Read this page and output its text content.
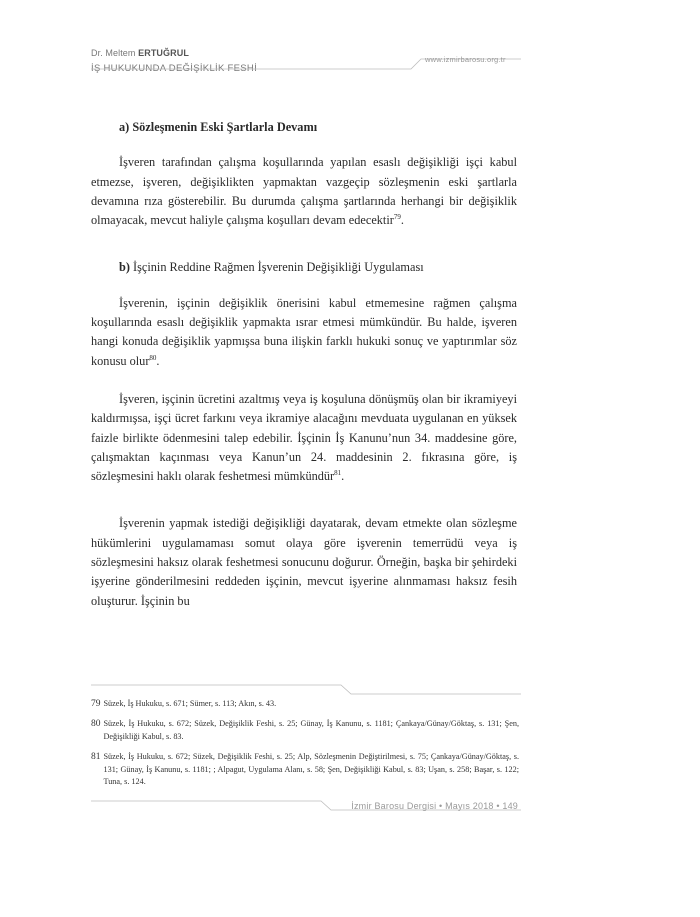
Dr. Meltem ERTUĞRUL
İŞ HUKUKUNDA DEĞİŞİKLİK FESHİ
www.izmirbarosu.org.tr

a) Sözleşmenin Eski Şartlarla Devamı

İşveren tarafından çalışma koşullarında yapılan esaslı değişikliği işçi kabul etmezse, işveren, değişiklikten yapmaktan vazgeçip sözleşmenin eski şartlarla devamına rıza gösterebilir. Bu durumda çalışma şartlarında herhangi bir değişiklik olmayacak, mevcut haliyle çalışma koşulları devam edecektir$^{79}$.

b) İşçinin Reddine Rağmen İşverenin Değişikliği Uygulaması

İşverenin, işçinin değişiklik önerisini kabul etmemesine rağmen çalışma koşullarında esaslı değişiklik yapmakta ısrar etmesi mümkündür. Bu halde, işveren hangi konuda değişiklik yapmışsa buna ilişkin farklı hukuki sonuç ve yaptırımlar söz konusu olur$^{80}$.

İşveren, işçinin ücretini azaltmış veya iş koşuluna dönüşmüş olan bir ikramiyeyi kaldırmışsa, işçi ücret farkını veya ikramiye alacağını mevduata uygulanan en yüksek faizle birlikte ödenmesini talep edebilir. İşçinin İş Kanunu’nun 34. maddesine göre, çalışmaktan kaçınması veya Kanun’un 24. maddesinin 2. fıkrasına göre, iş sözleşmesini haklı olarak feshetmesi mümkündür$^{81}$.

İşverenin yapmak istediği değişikliği dayatarak, devam etmekte olan sözleşme hükümlerini uygulamaması somut olaya göre işverenin temerrüdü veya iş sözleşmesini haksız olarak feshetmesi sonucunu doğurur. Örneğin, başka bir şehirdeki işyerine gönderilmesini reddeden işçinin, mevcut işyerine alınmaması haksız fesih oluşturur. İşçinin bu

79 Süzek, İş Hukuku, s. 671; Sümer, s. 113; Akın, s. 43.
80 Süzek, İş Hukuku, s. 672; Süzek, Değişiklik Feshi, s. 25; Günay, İş Kanunu, s. 1181; Çankaya/Günay/Göktaş, s. 131; Şen, Değişikliği Kabul, s. 83.
81 Süzek, İş Hukuku, s. 672; Süzek, Değişiklik Feshi, s. 25; Alp, Sözleşmenin Değiştirilmesi, s. 75; Çankaya/Günay/Göktaş, s. 131; Günay, İş Kanunu, s. 1181; ; Alpagut, Uygulama Alanı, s. 58; Şen, Değişikliği Kabul, s. 83; Uşan, s. 258; Başar, s. 122; Tuna, s. 124.
İzmir Barosu Dergisi • Mayıs 2018 • 149
